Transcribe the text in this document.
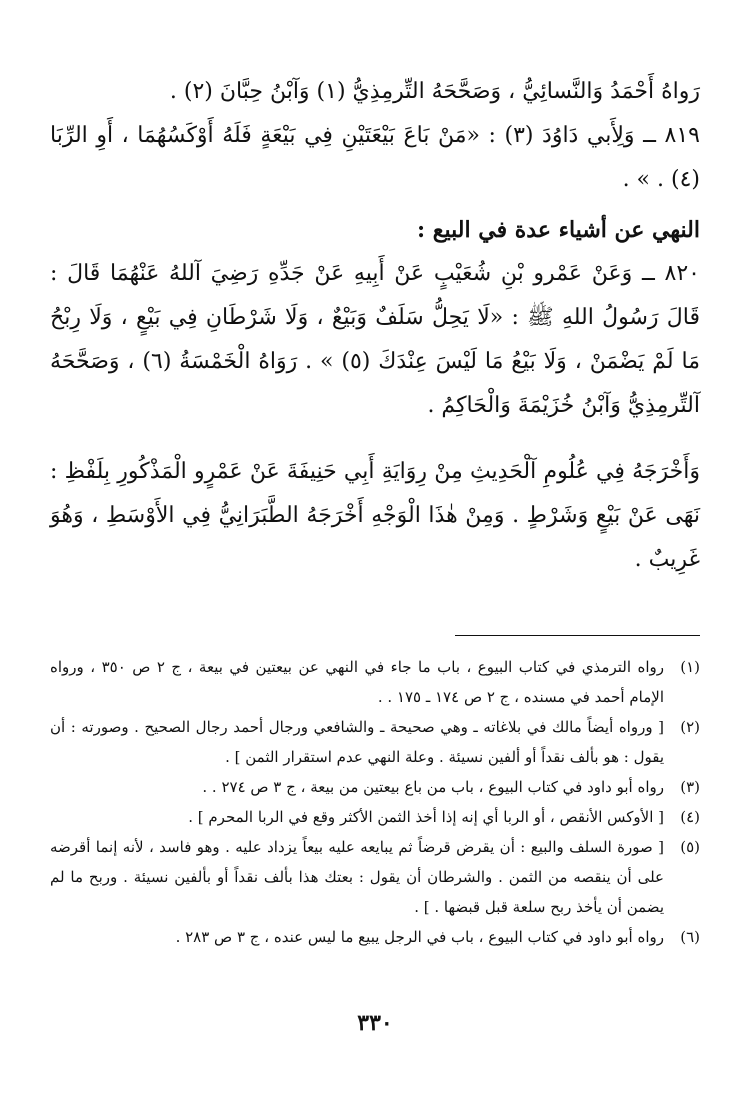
رَواهُ أَحْمَدُ وَالنَّسائِيُّ ، وَصَحَّحَهُ التِّرمِذِيُّ (١) وَآبْنُ حِبَّانَ (٢) .

٨١٩ ــ وَلِأَبي دَاوُدَ (٣) : «مَنْ بَاعَ بَيْعَتَيْنِ فِي بَيْعَةٍ فَلَهُ أَوْكَسُهُمَا ، أَوِ الرِّبَا (٤) . » .

النهي عن أشياء عدة في البيع :

٨٢٠ ــ وَعَنْ عَمْرو بْنِ شُعَيْبٍ عَنْ أَبِيهِ عَنْ جَدِّهِ رَضِيَ آللهُ عَنْهُمَا قَالَ : قَالَ رَسُولُ اللهِ ﷺ : «لَا يَحِلُّ سَلَفٌ وَبَيْعٌ ، وَلَا شَرْطَانِ فِي بَيْعٍ ، وَلَا رِبْحُ مَا لَمْ يَضْمَنْ ، وَلَا بَيْعُ مَا لَيْسَ عِنْدَكَ (٥) » . رَوَاهُ الْخَمْسَةُ (٦) ، وَصَحَّحَهُ آلتِّرمِذِيُّ وَآبْنُ خُزَيْمَةَ وَالْحَاكِمُ .

وَأَخْرَجَهُ فِي عُلُومِ آلْحَدِيثِ مِنْ رِوَايَةِ أَبِي حَنِيفَةَ عَنْ عَمْرٍو الْمَذْكُورِ بِلَفْظِ : نَهَى عَنْ بَيْعٍ وَشَرْطٍ . وَمِنْ هٰذَا الْوَجْهِ أَخْرَجَهُ الطَّبَرَانِيُّ فِي الأَوْسَطِ ، وَهُوَ غَرِيبٌ .

(١)
رواه الترمذي في كتاب البيوع ، باب ما جاء في النهي عن بيعتين في بيعة ، ج ٢ ص ٣٥٠ ، ورواه الإمام أحمد في مسنده ، ج ٢ ص ١٧٤ ـ ١٧٥ . .
(٢)
[ ورواه أيضاً مالك في بلاغاته ـ وهي صحيحة ـ والشافعي ورجال أحمد رجال الصحيح . وصورته : أن يقول : هو بألف نقداً أو ألفين نسيئة . وعلة النهي عدم استقرار الثمن ] .
(٣)
رواه أبو داود في كتاب البيوع ، باب من باع بيعتين من بيعة ، ج ٣ ص ٢٧٤ . .
(٤)
[ الأوكس الأنقص ، أو الربا أي إنه إذا أخذ الثمن الأكثر وقع في الربا المحرم ] .
(٥)
[ صورة السلف والبيع : أن يقرض قرضاً ثم يبايعه عليه بيعاً يزداد عليه . وهو فاسد ، لأنه إنما أقرضه على أن ينقصه من الثمن . والشرطان أن يقول : بعتك هذا بألف نقداً أو بألفين نسيئة . وربح ما لم يضمن أن يأخذ ربح سلعة قبل قبضها . ] .
(٦)
رواه أبو داود في كتاب البيوع ، باب في الرجل يبيع ما ليس عنده ، ج ٣ ص ٢٨٣ .
٣٣٠
